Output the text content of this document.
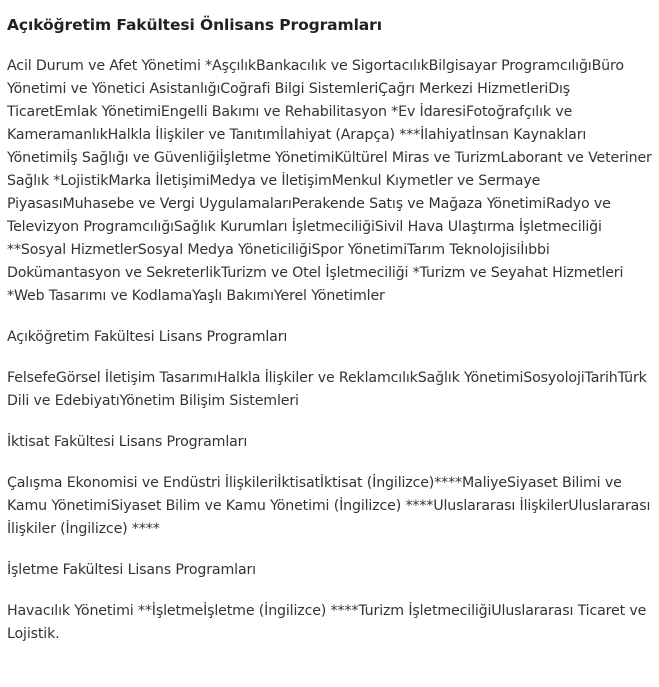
Açıköğretim Fakültesi Önlisans Programları
Acil Durum ve Afet Yönetimi *AşçılıkBankacılık ve SigortacılıkBilgisayar ProgramcılığıBüro Yönetimi ve Yönetici AsistanlığıCoğrafi Bilgi SistemleriÇağrı Merkezi HizmetleriDış TicaretEmlak YönetimiEngelli Bakımı ve Rehabilitasyon *Ev İdaresiFotoğrafçılık ve KameramanlıkHalkla İlişkiler ve Tanıtımİlahiyat (Arapça) ***İlahiyatİnsan Kaynakları Yönetimiİş Sağlığı ve Güvenliğiİşletme YönetimiKültürel Miras ve TurizmLaborant ve Veteriner Sağlık *LojistikMarka İletişimiMedya ve İletişimMenkul Kıymetler ve Sermaye PiyasasıMuhasebe ve Vergi UygulamalarıPerakende Satış ve Mağaza YönetimiRadyo ve Televizyon ProgramcılığıSağlık Kurumları İşletmeciliğiSivil Hava Ulaştırma İşletmeciliği **Sosyal HizmetlerSosyal Medya YöneticiliğiSpor YönetimiTarım Teknolojisiİıbbi Dokümantasyon ve SekreterlikTurizm ve Otel İşletmeciliği *Turizm ve Seyahat Hizmetleri *Web Tasarımı ve KodlamaYaşlı BakımıYerel Yönetimler
Açıköğretim Fakültesi Lisans Programları
FelsefeGörsel İletişim TasarımıHalkla İlişkiler ve ReklamcılıkSağlık YönetimiSosyolojiTarihTürk Dili ve EdebiyatıYönetim Bilişim Sistemleri
İktisat Fakültesi Lisans Programları
Çalışma Ekonomisi ve Endüstri İlişkileriİktisatİktisat (İngilizce)****MaliyeSiyaset Bilimi ve Kamu YönetimiSiyaset Bilim ve Kamu Yönetimi (İngilizce) ****Uluslararası İlişkilerUluslararası İlişkiler (İngilizce) ****
İşletme Fakültesi Lisans Programları
Havacılık Yönetimi **İşletmeİşletme (İngilizce) ****Turizm İşletmeciliğiUluslararası Ticaret ve Lojistik.
